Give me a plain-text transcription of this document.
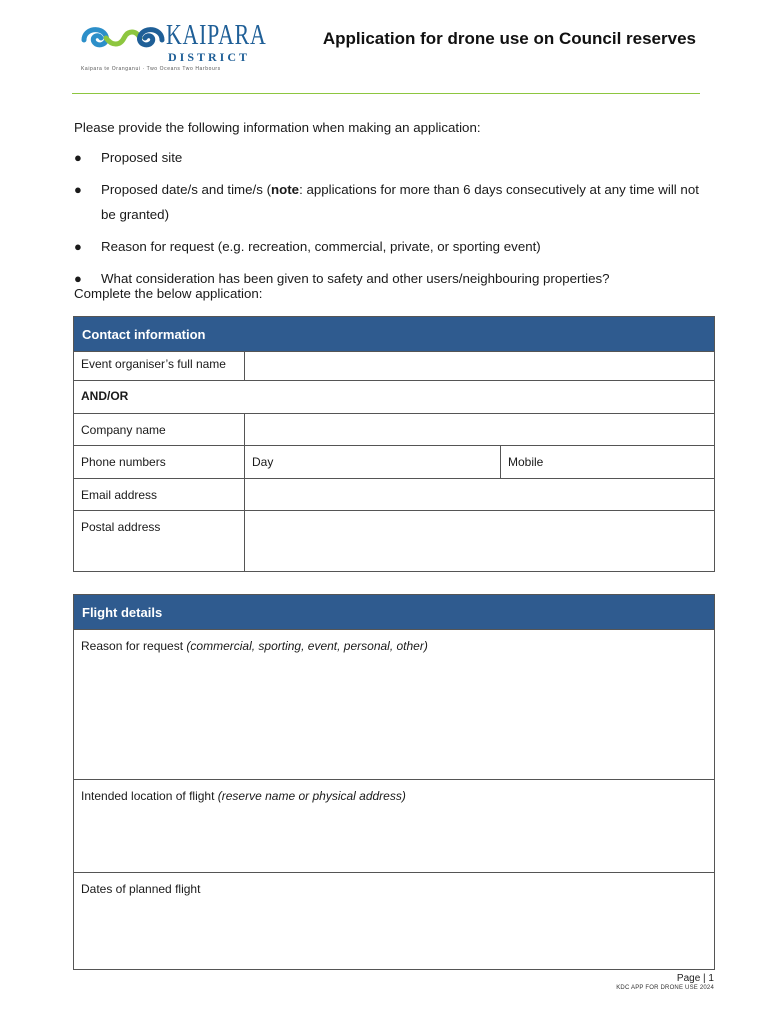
KAIPARA
DISTRICT
Kaipara te Oranganui · Two Oceans Two Harbours
Application for drone use on Council reserves

Please provide the following information when making an application:

● Proposed site
● Proposed date/s and time/s (note: applications for more than 6 days consecutively at any time will not be granted)
● Reason for request (e.g. recreation, commercial, private, or sporting event)
● What consideration has been given to safety and other users/neighbouring properties?
Complete the below application:
Contact information		

Event organiser’s full name		

AND/OR		

Company name		

Phone numbers	Day	Mobile

Email address		

Postal address		

Flight details

Reason for request (commercial, sporting, event, personal, other)

Intended location of flight (reserve name or physical address)

Dates of planned flight
Page | 1
KDC APP FOR DRONE USE 2024
